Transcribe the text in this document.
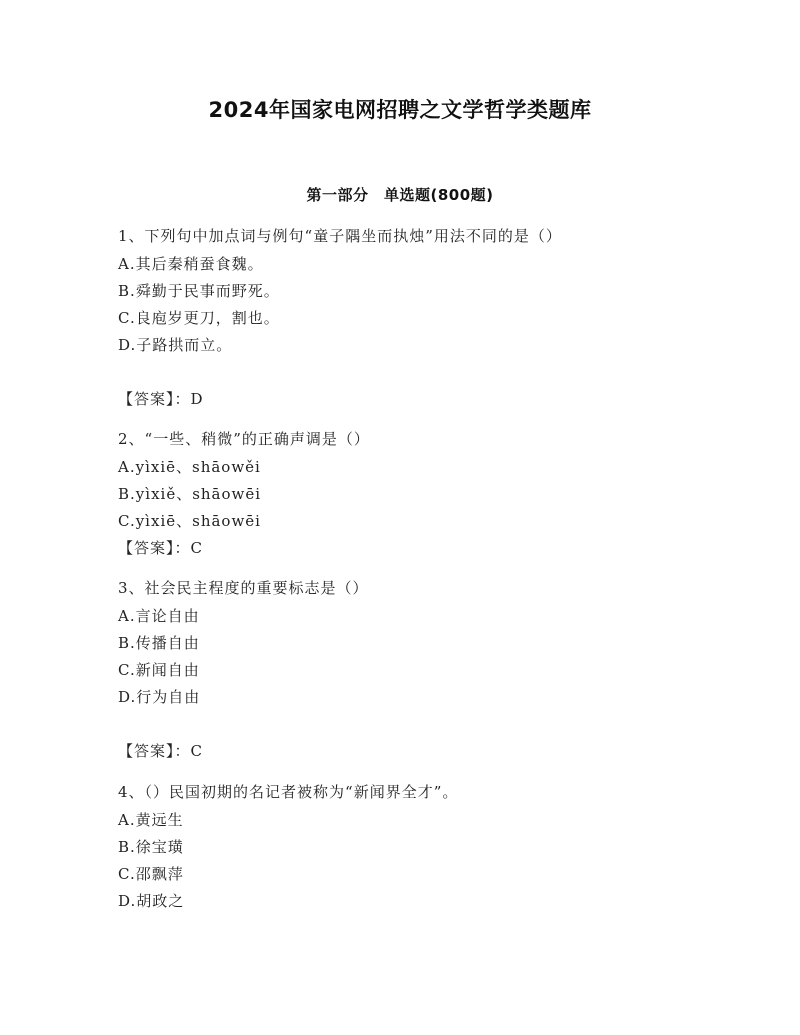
2024年国家电网招聘之文学哲学类题库
第一部分　单选题(800题)
1、下列句中加点词与例句“童子隅坐而执烛”用法不同的是（）
A.其后秦稍蚕食魏。
B.舜勤于民事而野死。
C.良庖岁更刀，割也。
D.子路拱而立。
【答案】：D
2、“一些、稍微”的正确声调是（）
A.yìxiē、shāowěi
B.yìxiě、shāowēi
C.yìxiē、shāowēi
【答案】：C
3、社会民主程度的重要标志是（）
A.言论自由
B.传播自由
C.新闻自由
D.行为自由
【答案】：C
4、（）民国初期的名记者被称为“新闻界全才”。
A.黄远生
B.徐宝璜
C.邵飘萍
D.胡政之
